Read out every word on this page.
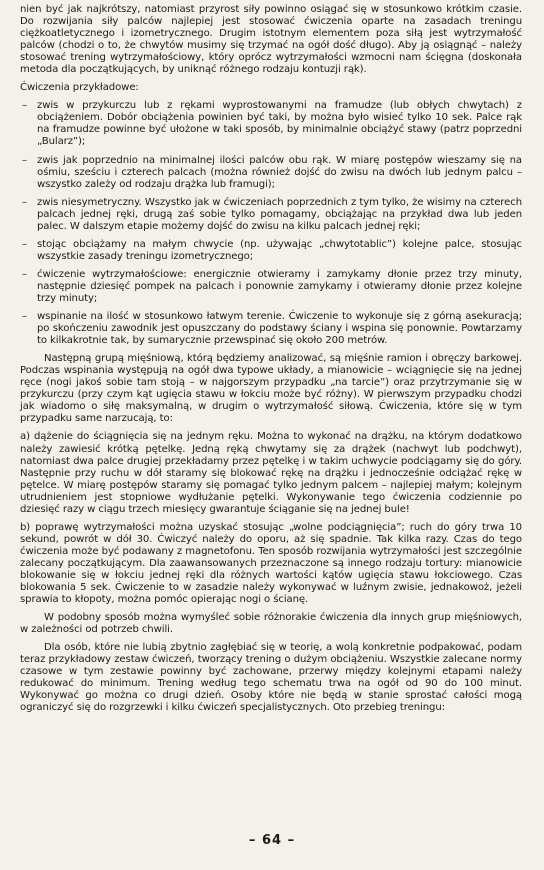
nien być jak najkrótszy, natomiast przyrost siły powinno osiągać się w stosunkowo krótkim czasie. Do rozwijania siły palców najlepiej jest stosować ćwiczenia oparte na zasadach treningu ciężkoatletycznego i izometrycznego. Drugim istotnym elementem poza siłą jest wytrzymałość palców (chodzi o to, że chwytów musimy się trzymać na ogół dość długo). Aby ją osiągnąć – należy stosować trening wytrzymałościowy, który oprócz wytrzymałości wzmocni nam ścięgna (doskonała metoda dla początkujących, by uniknąć różnego rodzaju kontuzji rąk).

Ćwiczenia przykładowe:

– zwis w przykurczu lub z rękami wyprostowanymi na framudze (lub obłych chwytach) z obciążeniem. Dobór obciążenia powinien być taki, by można było wisieć tylko 10 sek. Palce rąk na framudze powinne być ułożone w taki sposób, by minimalnie obciążyć stawy (patrz poprzedni „Bularz”);

– zwis jak poprzednio na minimalnej ilości palców obu rąk. W miarę postępów wieszamy się na ośmiu, sześciu i czterech palcach (można również dojść do zwisu na dwóch lub jednym palcu – wszystko zależy od rodzaju drążka lub framugi);

– zwis niesymetryczny. Wszystko jak w ćwiczeniach poprzednich z tym tylko, że wisimy na czterech palcach jednej ręki, drugą zaś sobie tylko pomagamy, obciążając na przykład dwa lub jeden palec. W dalszym etapie możemy dojść do zwisu na kilku palcach jednej ręki;

– stojąc obciążamy na małym chwycie (np. używając „chwytotablic”) kolejne palce, stosując wszystkie zasady treningu izometrycznego;

– ćwiczenie wytrzymałościowe: energicznie otwieramy i zamykamy dłonie przez trzy minuty, następnie dziesięć pompek na palcach i ponownie zamykamy i otwieramy dłonie przez kolejne trzy minuty;

– wspinanie na ilość w stosunkowo łatwym terenie. Ćwiczenie to wykonuje się z górną asekuracją; po skończeniu zawodnik jest opuszczany do podstawy ściany i wspina się ponownie. Powtarzamy to kilkakrotnie tak, by sumarycznie przewspinać się około 200 metrów.

Następną grupą mięśniową, którą będziemy analizować, są mięśnie ramion i obręczy barkowej. Podczas wspinania występują na ogół dwa typowe układy, a mianowicie – wciągnięcie się na jednej ręce (nogi jakoś sobie tam stoją – w najgorszym przypadku „na tarcie”) oraz przytrzymanie się w przykurczu (przy czym kąt ugięcia stawu w łokciu może być różny). W pierwszym przypadku chodzi jak wiadomo o siłę maksymalną, w drugim o wytrzymałość siłową. Ćwiczenia, które się w tym przypadku same narzucają, to:

a) dążenie do ściągnięcia się na jednym ręku. Można to wykonać na drążku, na którym dodatkowo należy zawiesić krótką pętelkę. Jedną ręką chwytamy się za drążek (nachwyt lub podchwyt), natomiast dwa palce drugiej przekładamy przez pętelkę i w takim uchwycie podciągamy się do góry. Następnie przy ruchu w dół staramy się blokować rękę na drążku i jednocześnie odciążać rękę w pętelce. W miarę postępów staramy się pomagać tylko jednym palcem – najlepiej małym; kolejnym utrudnieniem jest stopniowe wydłużanie pętelki. Wykonywanie tego ćwiczenia codziennie po dziesięć razy w ciągu trzech miesięcy gwarantuje ściąganie się na jednej bule!

b) poprawę wytrzymałości można uzyskać stosując „wolne podciągnięcia”; ruch do góry trwa 10 sekund, powrót w dół 30. Ćwiczyć należy do oporu, aż się spadnie. Tak kilka razy. Czas do tego ćwiczenia może być podawany z magnetofonu. Ten sposób rozwijania wytrzymałości jest szczególnie zalecany początkującym. Dla zaawansowanych przeznaczone są innego rodzaju tortury: mianowicie blokowanie się w łokciu jednej ręki dla różnych wartości kątów ugięcia stawu łokciowego. Czas blokowania 5 sek. Ćwiczenie to w zasadzie należy wykonywać w luźnym zwisie, jednakowoż, jeżeli sprawia to kłopoty, można pomóc opierając nogi o ścianę.

W podobny sposób można wymyśleć sobie różnorakie ćwiczenia dla innych grup mięśniowych, w zależności od potrzeb chwili.

Dla osób, które nie lubią zbytnio zagłębiać się w teorię, a wolą konkretnie podpakować, podam teraz przykładowy zestaw ćwiczeń, tworzący trening o dużym obciążeniu. Wszystkie zalecane normy czasowe w tym zestawie powinny być zachowane, przerwy między kolejnymi etapami należy redukować do minimum. Trening według tego schematu trwa na ogół od 90 do 100 minut. Wykonywać go można co drugi dzień. Osoby które nie będą w stanie sprostać całości mogą ograniczyć się do rozgrzewki i kilku ćwiczeń specjalistycznych. Oto przebieg treningu:

– 64 –
